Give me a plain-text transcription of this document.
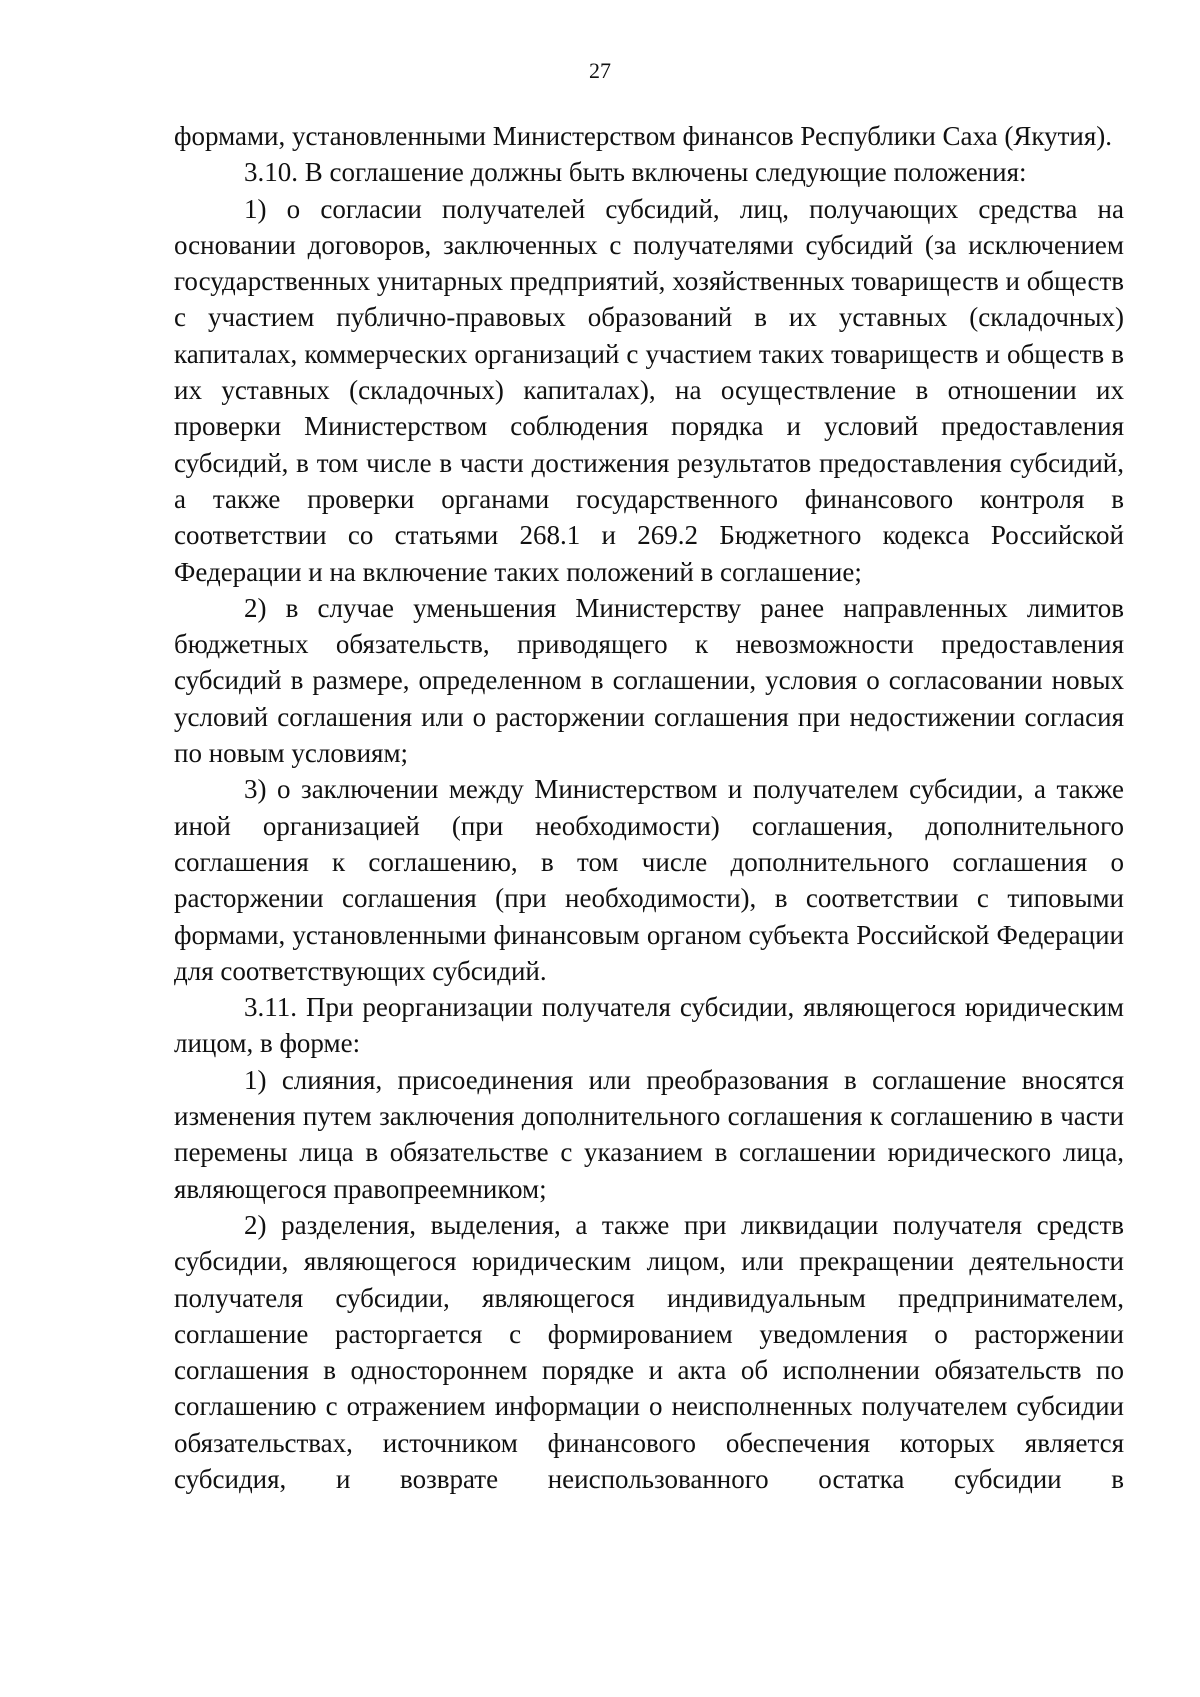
27

формами, установленными Министерством финансов Республики Саха (Якутия).

3.10. В соглашение должны быть включены следующие положения:

1) о согласии получателей субсидий, лиц, получающих средства на основании договоров, заключенных с получателями субсидий (за исключением государственных унитарных предприятий, хозяйственных товариществ и обществ с участием публично-правовых образований в их уставных (складочных) капиталах, коммерческих организаций с участием таких товариществ и обществ в их уставных (складочных) капиталах), на осуществление в отношении их проверки Министерством соблюдения порядка и условий предоставления субсидий, в том числе в части достижения результатов предоставления субсидий, а также проверки органами государственного финансового контроля в соответствии со статьями 268.1 и 269.2 Бюджетного кодекса Российской Федерации и на включение таких положений в соглашение;

2) в случае уменьшения Министерству ранее направленных лимитов бюджетных обязательств, приводящего к невозможности предоставления субсидий в размере, определенном в соглашении, условия о согласовании новых условий соглашения или о расторжении соглашения при недостижении согласия по новым условиям;

3) о заключении между Министерством и получателем субсидии, а также иной организацией (при необходимости) соглашения, дополнительного соглашения к соглашению, в том числе дополнительного соглашения о расторжении соглашения (при необходимости), в соответствии с типовыми формами, установленными финансовым органом субъекта Российской Федерации для соответствующих субсидий.

3.11. При реорганизации получателя субсидии, являющегося юридическим лицом, в форме:

1) слияния, присоединения или преобразования в соглашение вносятся изменения путем заключения дополнительного соглашения к соглашению в части перемены лица в обязательстве с указанием в соглашении юридического лица, являющегося правопреемником;

2) разделения, выделения, а также при ликвидации получателя средств субсидии, являющегося юридическим лицом, или прекращении деятельности получателя субсидии, являющегося индивидуальным предпринимателем, соглашение расторгается с формированием уведомления о расторжении соглашения в одностороннем порядке и акта об исполнении обязательств по соглашению с отражением информации о неисполненных получателем субсидии обязательствах, источником финансового обеспечения которых является субсидия, и возврате неиспользованного остатка субсидии в
